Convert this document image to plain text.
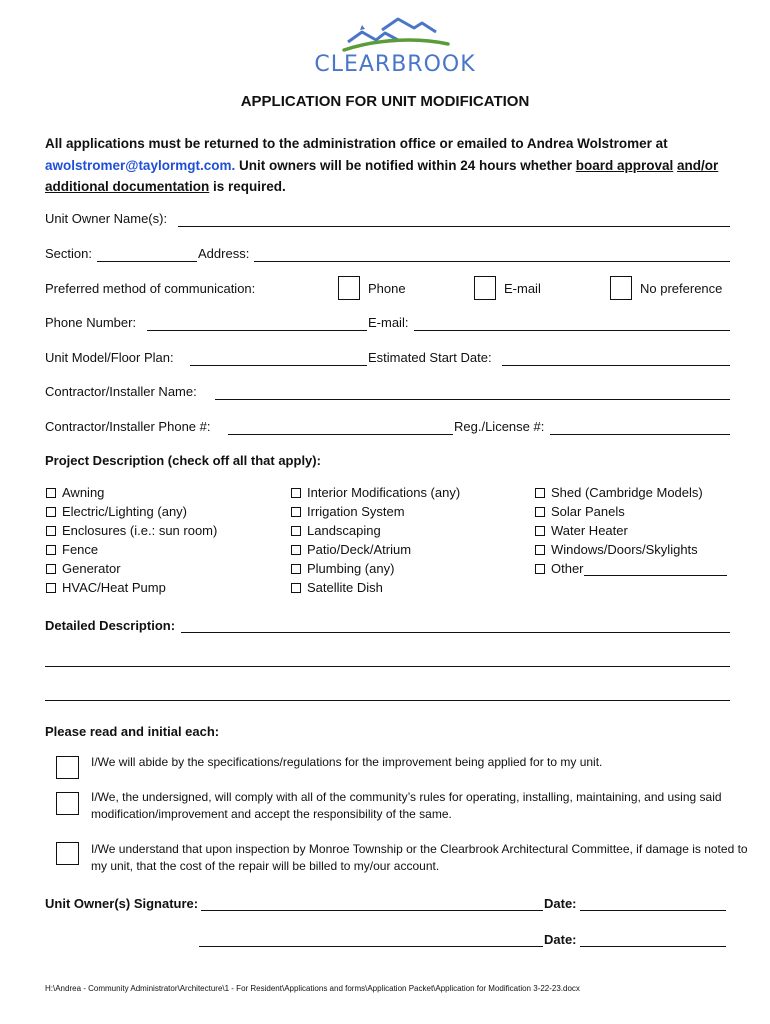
CLEARBROOK
APPLICATION FOR UNIT MODIFICATION
All applications must be returned to the administration office or emailed to Andrea Wolstromer at awolstromer@taylormgt.com. Unit owners will be notified within 24 hours whether board approval and/or additional documentation is required.
Unit Owner Name(s):
Section:	Address:
Preferred method of communication:	Phone	E-mail	No preference
Phone Number:	E-mail:
Unit Model/Floor Plan:	Estimated Start Date:
Contractor/Installer Name:
Contractor/Installer Phone #:	Reg./License #:
Project Description (check off all that apply):
Awning
Electric/Lighting (any)
Enclosures (i.e.: sun room)
Fence
Generator
HVAC/Heat Pump
Interior Modifications (any)
Irrigation System
Landscaping
Patio/Deck/Atrium
Plumbing (any)
Satellite Dish
Shed (Cambridge Models)
Solar Panels
Water Heater
Windows/Doors/Skylights
Other
Detailed Description:
Please read and initial each:
I/We will abide by the specifications/regulations for the improvement being applied for to my unit.
I/We, the undersigned, will comply with all of the community’s rules for operating, installing, maintaining, and using said modification/improvement and accept the responsibility of the same.
I/We understand that upon inspection by Monroe Township or the Clearbrook Architectural Committee, if damage is noted to my unit, that the cost of the repair will be billed to my/our account.
Unit Owner(s) Signature:	Date:
Date:
H:\Andrea - Community Administrator\Architecture\1 - For Resident\Applications and forms\Application Packet\Application for Modification 3-22-23.docx
